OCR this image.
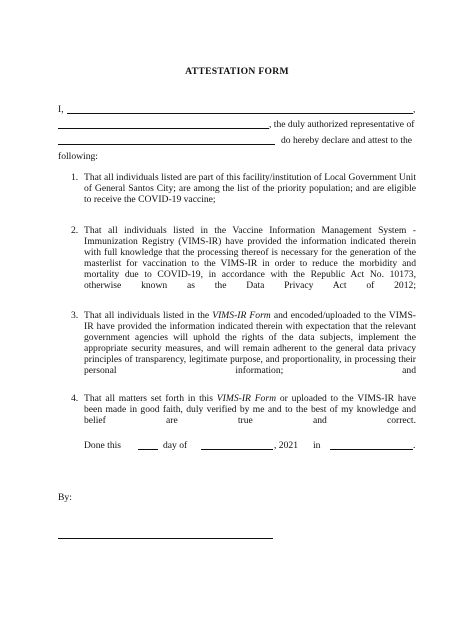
ATTESTATION FORM
I,	,
, the duly authorized representative of
do hereby declare and attest to the
following:
1. That all individuals listed are part of this facility/institution of Local Government Unit
of General Santos City; are among the list of the priority population; and are eligible
to receive the COVID-19 vaccine;
2. That all individuals listed in the Vaccine Information Management System -
Immunization Registry (VIMS-IR) have provided the information indicated therein
with full knowledge that the processing thereof is necessary for the generation of the
masterlist for vaccination to the VIMS-IR in order to reduce the morbidity and
mortality due to COVID-19, in accordance with the Republic Act No. 10173,
otherwise known as the Data Privacy Act of 2012;
3. That all individuals listed in the VIMS-IR Form and encoded/uploaded to the VIMS-
IR have provided the information indicated therein with expectation that the relevant
government agencies will uphold the rights of the data subjects, implement the
appropriate security measures, and will remain adherent to the general data privacy
principles of transparency, legitimate purpose, and proportionality, in processing their
personal information; and
4. That all matters set forth in this VIMS-IR Form or uploaded to the VIMS-IR have
been made in good faith, duly verified by me and to the best of my knowledge and
belief are true and correct.
Done this	day of	, 2021 in	.
By:
